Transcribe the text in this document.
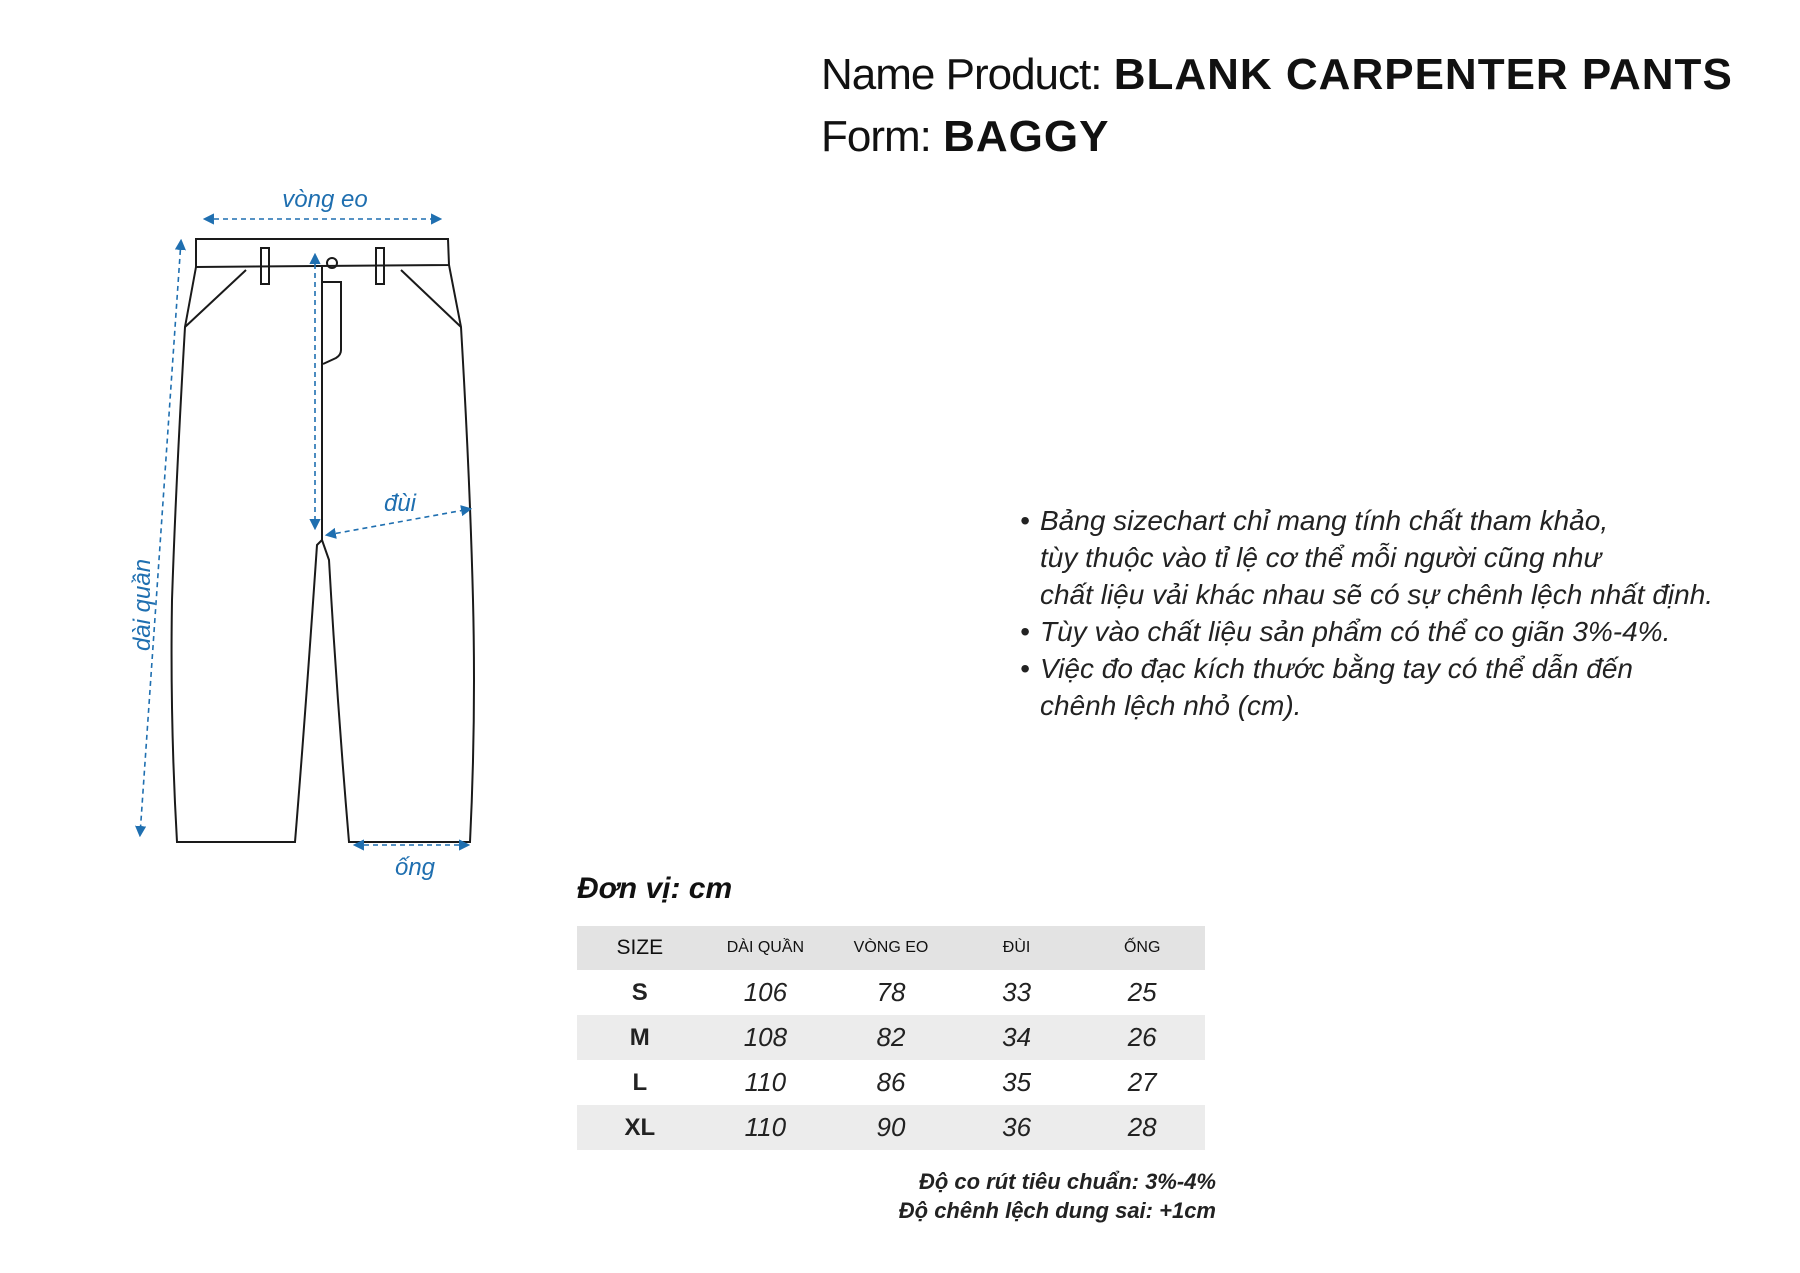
Name Product: BLANK CARPENTER PANTS
Form: BAGGY
vòng eo
dài quần
đùi
ống
• Bảng sizechart chỉ mang tính chất tham khảo,
tùy thuộc vào tỉ lệ cơ thể mỗi người cũng như
chất liệu vải khác nhau sẽ có sự chênh lệch nhất định.
• Tùy vào chất liệu sản phẩm có thể co giãn 3%-4%.
• Việc đo đạc kích thước bằng tay có thể dẫn đến
chênh lệch nhỏ (cm).
Đơn vị: cm
SIZE	DÀI QUẦN	VÒNG EO	ĐÙI	ỐNG
S	106	78	33	25
M	108	82	34	26
L	110	86	35	27
XL	110	90	36	28
Độ co rút tiêu chuẩn: 3%-4%
Độ chênh lệch dung sai: +1cm
